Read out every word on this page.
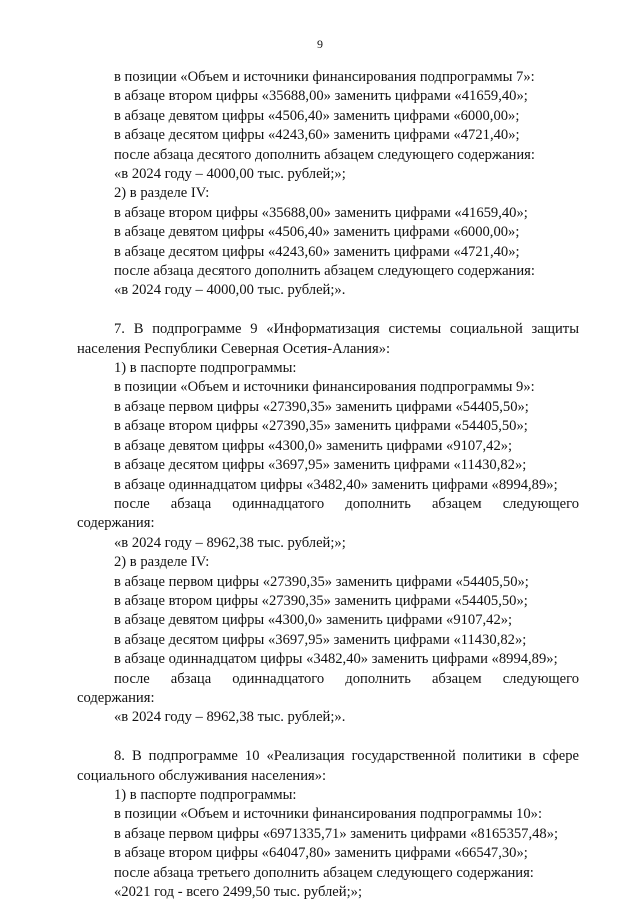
9
в позиции «Объем и источники финансирования подпрограммы 7»:
в абзаце втором цифры «35688,00» заменить цифрами «41659,40»;
в абзаце девятом цифры «4506,40» заменить цифрами «6000,00»;
в абзаце десятом цифры «4243,60» заменить цифрами «4721,40»;
после абзаца десятого дополнить абзацем следующего содержания:
«в 2024 году – 4000,00 тыс. рублей;»;
2) в разделе IV:
в абзаце втором цифры «35688,00» заменить цифрами «41659,40»;
в абзаце девятом цифры «4506,40» заменить цифрами «6000,00»;
в абзаце десятом цифры «4243,60» заменить цифрами «4721,40»;
после абзаца десятого дополнить абзацем следующего содержания:
«в 2024 году – 4000,00 тыс. рублей;».
7. В подпрограмме 9 «Информатизация системы социальной защиты
населения Республики Северная Осетия-Алания»:
1) в паспорте подпрограммы:
в позиции «Объем и источники финансирования подпрограммы 9»:
в абзаце первом цифры «27390,35» заменить цифрами «54405,50»;
в абзаце втором цифры «27390,35» заменить цифрами «54405,50»;
в абзаце девятом цифры «4300,0» заменить цифрами «9107,42»;
в абзаце десятом цифры «3697,95» заменить цифрами «11430,82»;
в абзаце одиннадцатом цифры «3482,40» заменить цифрами «8994,89»;
после абзаца одиннадцатого дополнить абзацем следующего
содержания:
«в 2024 году – 8962,38 тыс. рублей;»;
2) в разделе IV:
в абзаце первом цифры «27390,35» заменить цифрами «54405,50»;
в абзаце втором цифры «27390,35» заменить цифрами «54405,50»;
в абзаце девятом цифры «4300,0» заменить цифрами «9107,42»;
в абзаце десятом цифры «3697,95» заменить цифрами «11430,82»;
в абзаце одиннадцатом цифры «3482,40» заменить цифрами «8994,89»;
после абзаца одиннадцатого дополнить абзацем следующего
содержания:
«в 2024 году – 8962,38 тыс. рублей;».
8. В подпрограмме 10 «Реализация государственной политики в сфере
социального обслуживания населения»:
1) в паспорте подпрограммы:
в позиции «Объем и источники финансирования подпрограммы 10»:
в абзаце первом цифры «6971335,71» заменить цифрами «8165357,48»;
в абзаце втором цифры «64047,80» заменить цифрами «66547,30»;
после абзаца третьего дополнить абзацем следующего содержания:
«2021 год - всего 2499,50 тыс. рублей;»;
